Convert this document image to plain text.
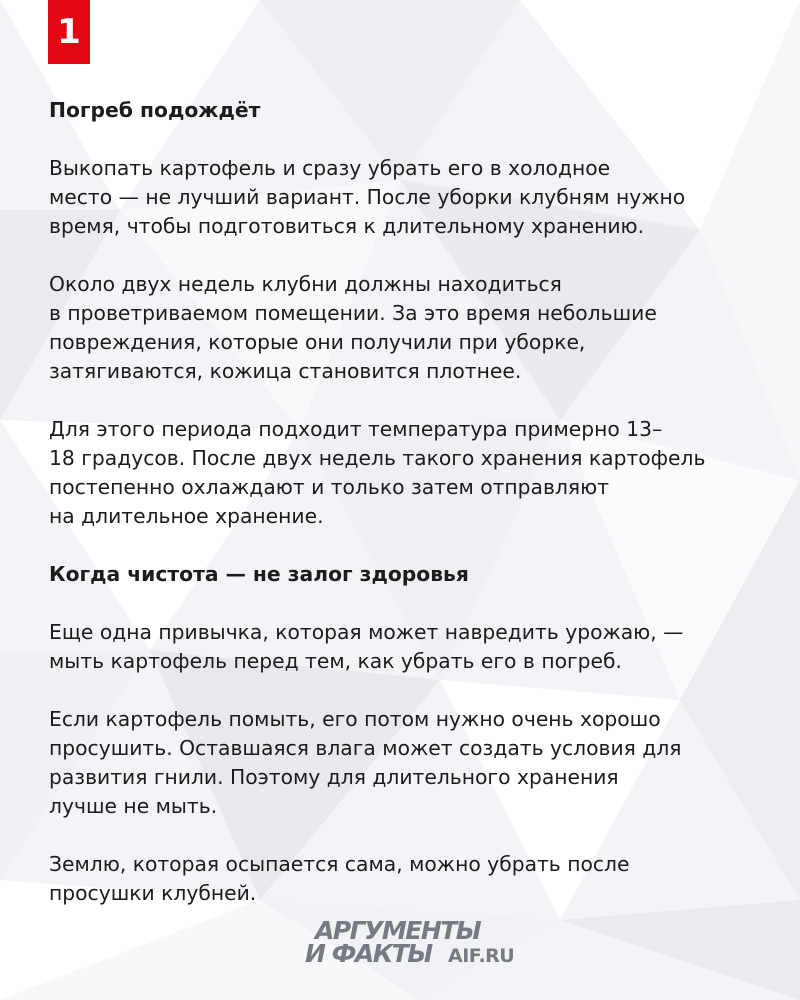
1
Погреб подождёт

Выкопать картофель и сразу убрать его в холодное
место — не лучший вариант. После уборки клубням нужно
время, чтобы подготовиться к длительному хранению.

Около двух недель клубни должны находиться
в проветриваемом помещении. За это время небольшие
повреждения, которые они получили при уборке,
затягиваются, кожица становится плотнее.

Для этого периода подходит температура примерно 13–
18 градусов. После двух недель такого хранения картофель
постепенно охлаждают и только затем отправляют
на длительное хранение.

Когда чистота — не залог здоровья

Еще одна привычка, которая может навредить урожаю, —
мыть картофель перед тем, как убрать его в погреб.

Если картофель помыть, его потом нужно очень хорошо
просушить. Оставшаяся влага может создать условия для
развития гнили. Поэтому для длительного хранения
лучше не мыть.

Землю, которая осыпается сама, можно убрать после
просушки клубней.

АРГУМЕНТЫ
И ФАКТЫ AIF.RU
